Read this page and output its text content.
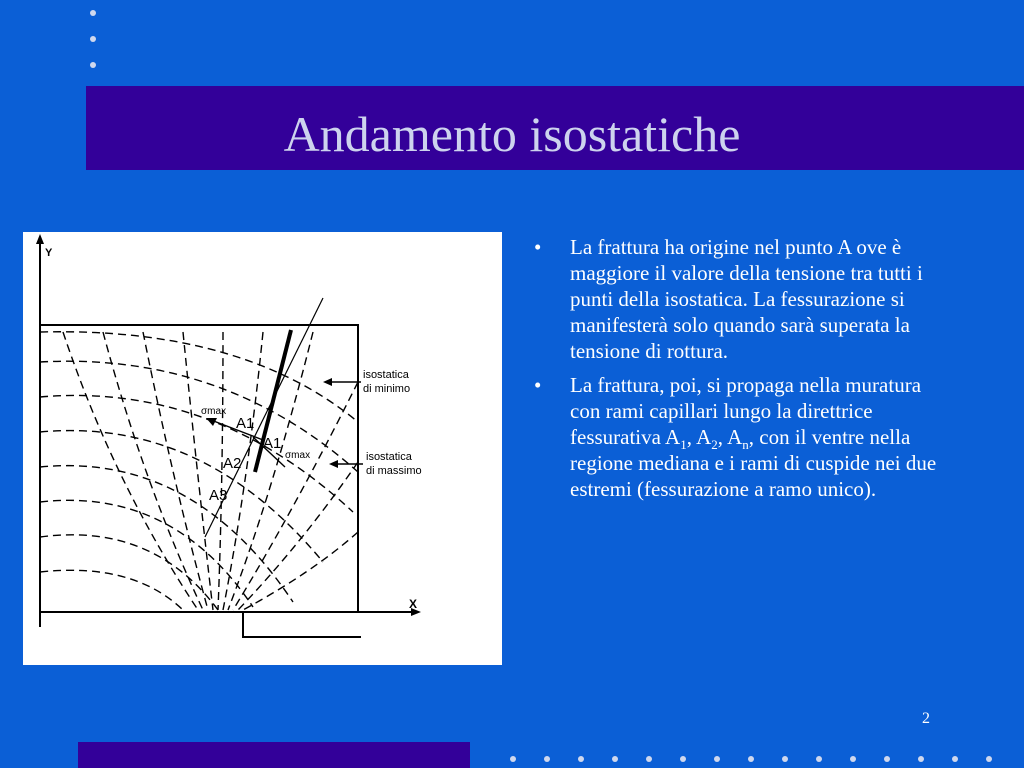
Andamento isostatiche
Y
X
isostatica
di minimo
isostatica
di massimo
σmax
σmax
A1
A1
A2
A3
• La frattura ha origine nel punto A ove è maggiore il valore della tensione tra tutti i punti della isostatica. La fessurazione si manifesterà solo quando sarà superata la tensione di rottura.
• La frattura, poi, si propaga nella muratura con rami capillari lungo la direttrice fessurativa $A_1$, $A_2$, $A_n$, con il ventre nella regione mediana e i rami di cuspide nei due estremi (fessurazione a ramo unico).
2
